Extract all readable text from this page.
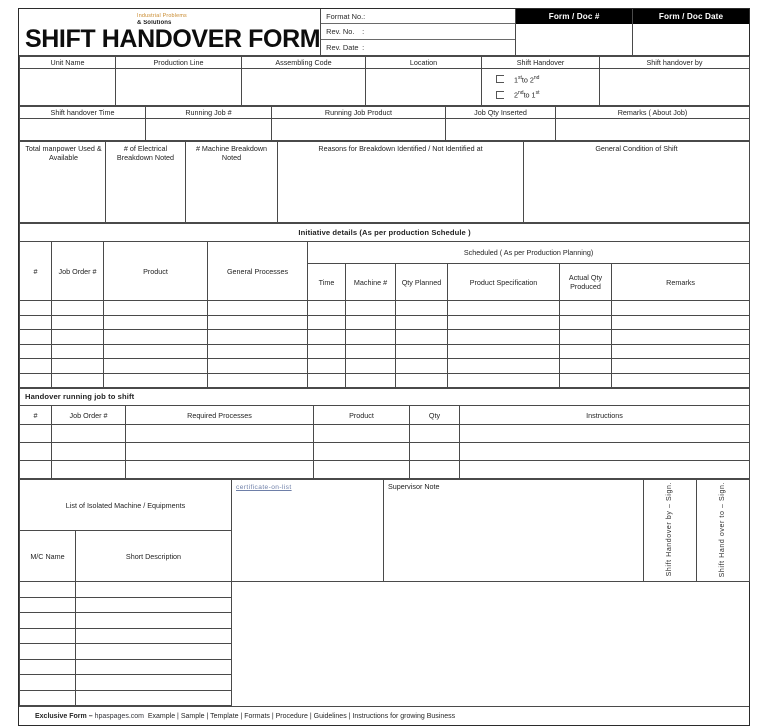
Industrial Problems
& Solutions
SHIFT HANDOVER FORM
Format No. :
Rev. No.	:
Rev. Date :
Form / Doc #	Form / Doc Date
Unit Name	Production Line	Assembling Code	Location	Shift Handover	Shift handover by

				1stto 2nd
2ndto 1st

Shift handover Time	Running Job #	Running Job Product	Job Qty Inserted	Remarks ( About Job)

Total manpower Used & Available	# of Electrical Breakdown Noted	# Machine Breakdown Noted	Reasons for Breakdown Identified / Not Identified at	General Condition of Shift
Initiative details (As per production Schedule )									
#	Job Order #	Product	General Processes	Scheduled ( As per Production Planning)					
				Time	Machine #	Qty Planned	Product Specification	Actual Qty Produced	Remarks

Handover running job to shift					
#	Job Order #	Required Processes	Product	Qty	Instructions

List of Isolated Machine / Equipments		certificate-on-list	Supervisor Note	Shift Handover by – Sign.	Shift Hand over to – Sign.
M/C Name	Short Description				

Exclusive Form
–
hpaspages.com
Example | Sample | Template | Formats | Procedure | Guidelines | Instructions for growing Business
